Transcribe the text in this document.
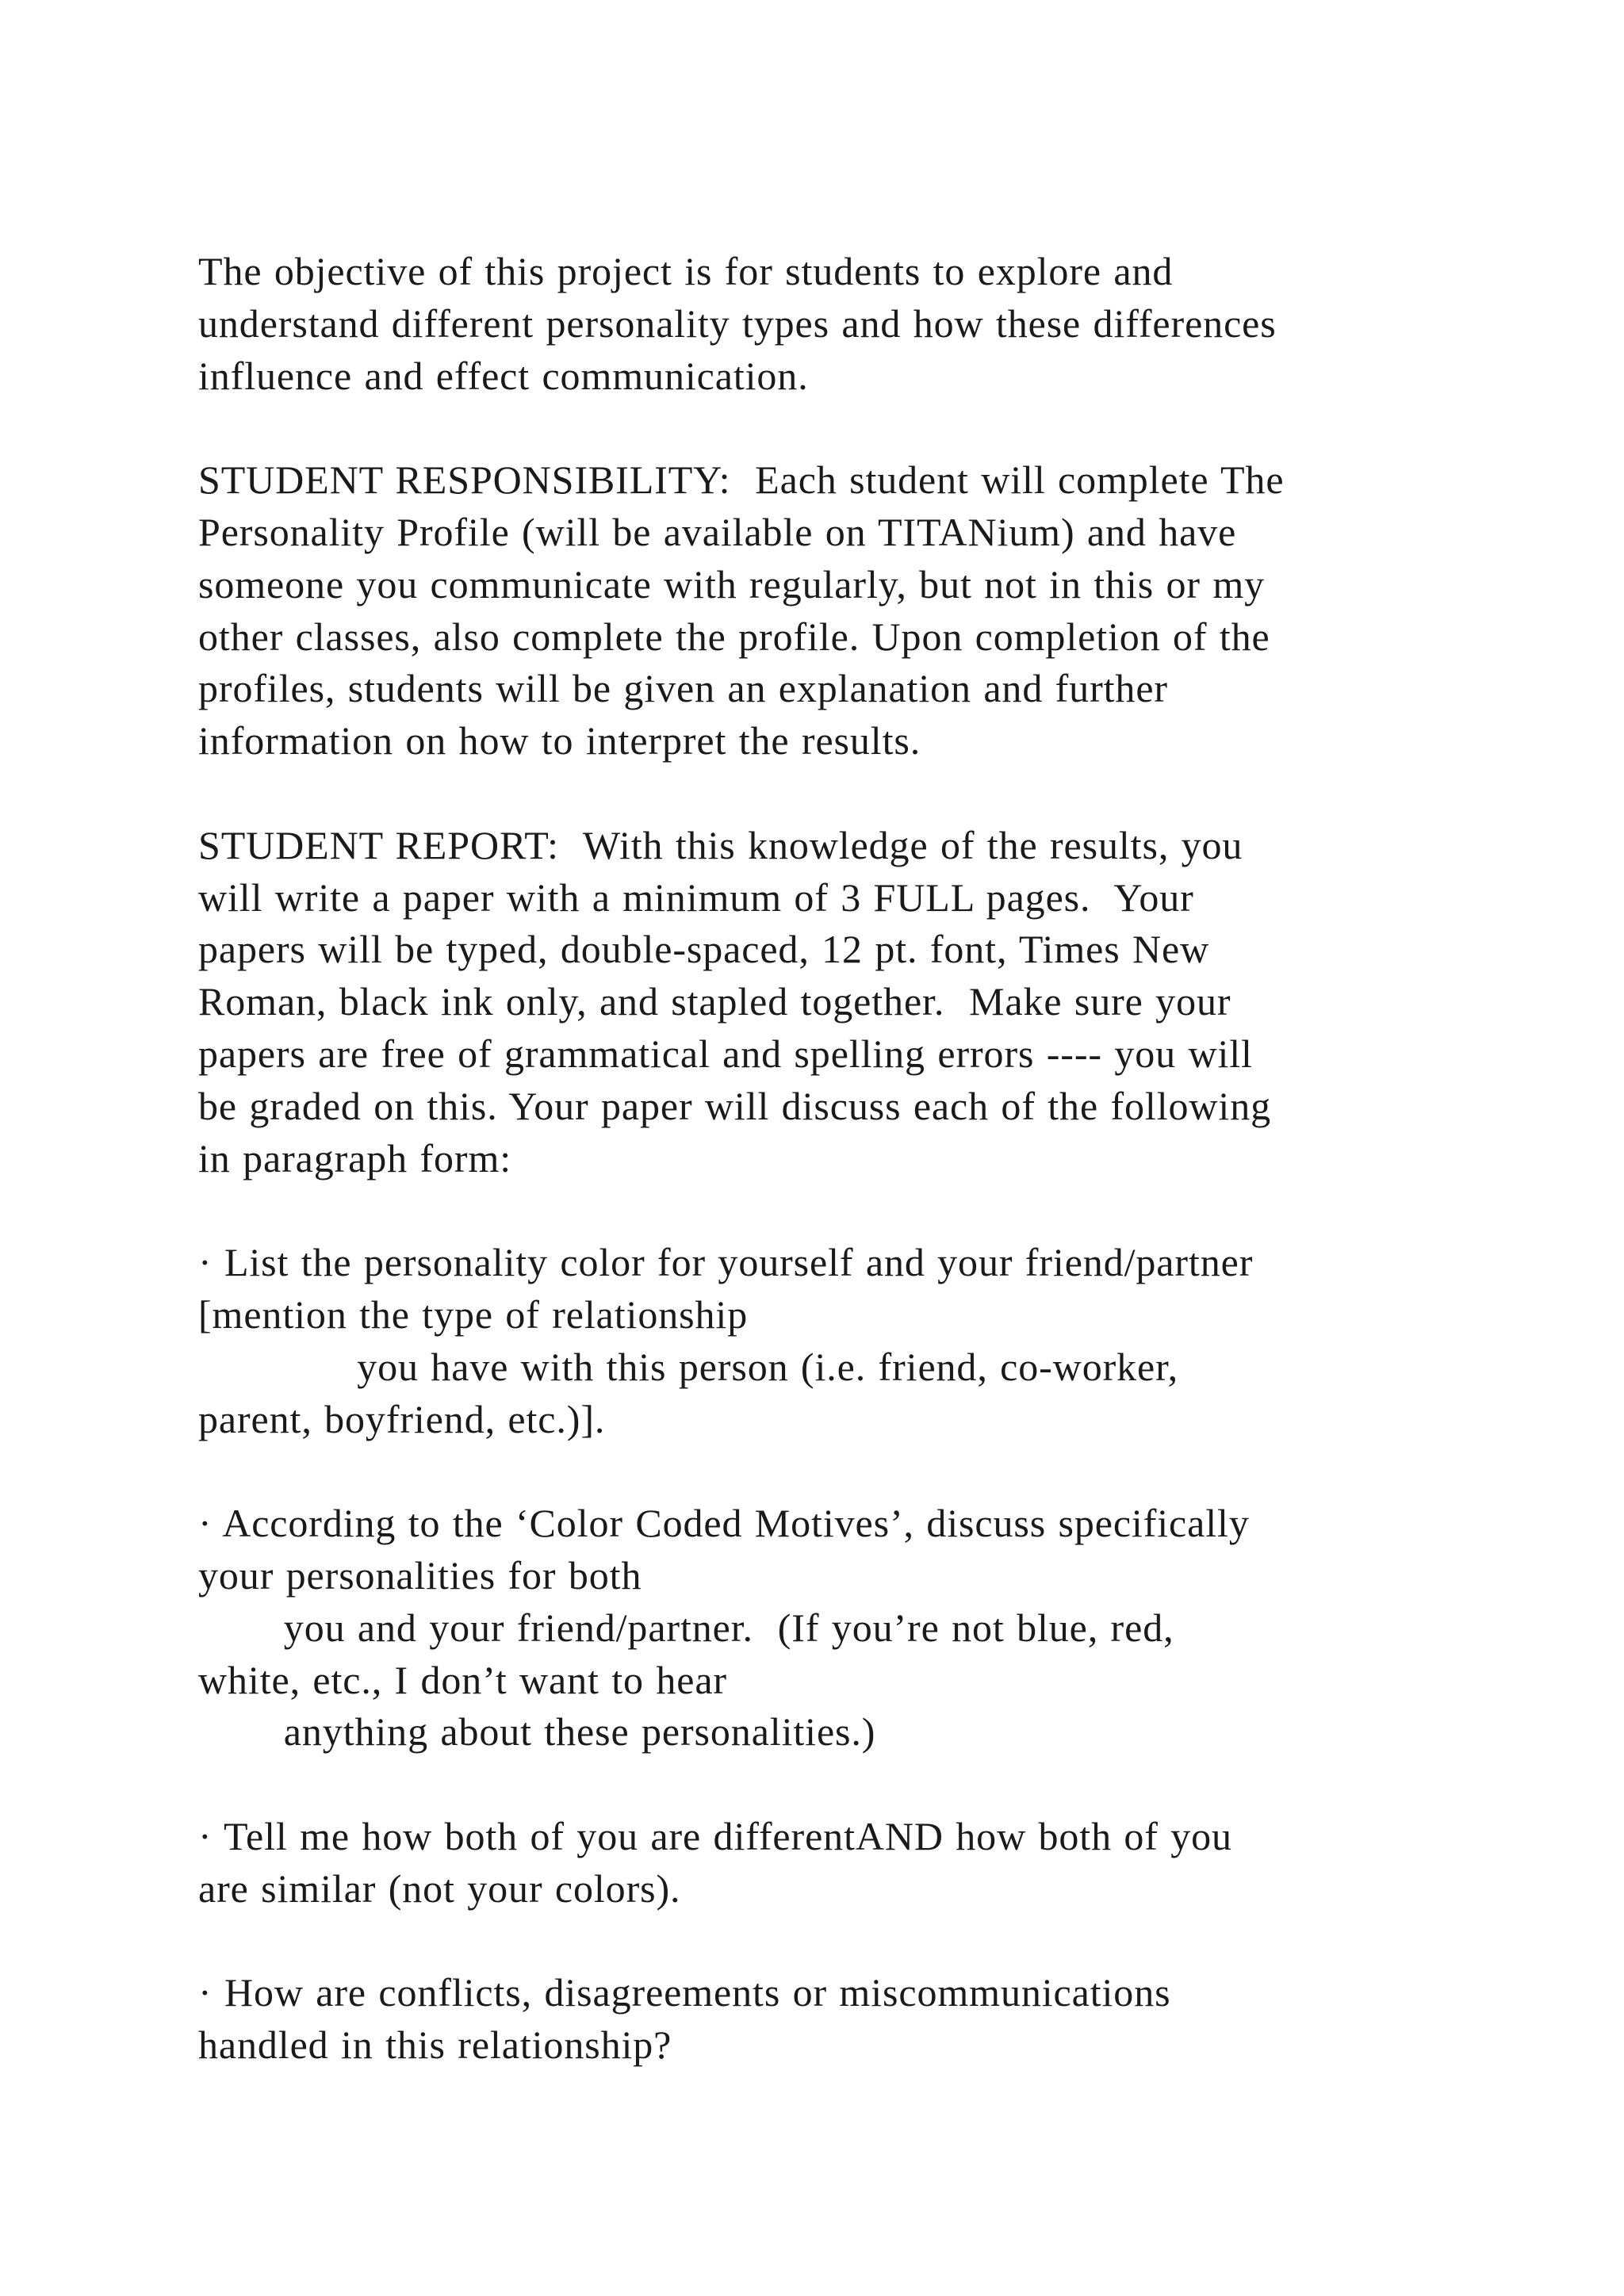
The objective of this project is for students to explore and
understand different personality types and how these differences
influence and effect communication.
STUDENT RESPONSIBILITY:  Each student will complete The
Personality Profile (will be available on TITANium) and have
someone you communicate with regularly, but not in this or my
other classes, also complete the profile. Upon completion of the
profiles, students will be given an explanation and further
information on how to interpret the results.
STUDENT REPORT:  With this knowledge of the results, you
will write a paper with a minimum of 3 FULL pages.  Your
papers will be typed, double-spaced, 12 pt. font, Times New
Roman, black ink only, and stapled together.  Make sure your
papers are free of grammatical and spelling errors ---- you will
be graded on this. Your paper will discuss each of the following
in paragraph form:
· List the personality color for yourself and your friend/partner
[mention the type of relationship
you have with this person (i.e. friend, co-worker,
parent, boyfriend, etc.)].
· According to the ‘Color Coded Motives’, discuss specifically
your personalities for both
you and your friend/partner.  (If you’re not blue, red,
white, etc., I don’t want to hear
anything about these personalities.)
· Tell me how both of you are differentAND how both of you
are similar (not your colors).
· How are conflicts, disagreements or miscommunications
handled in this relationship?
